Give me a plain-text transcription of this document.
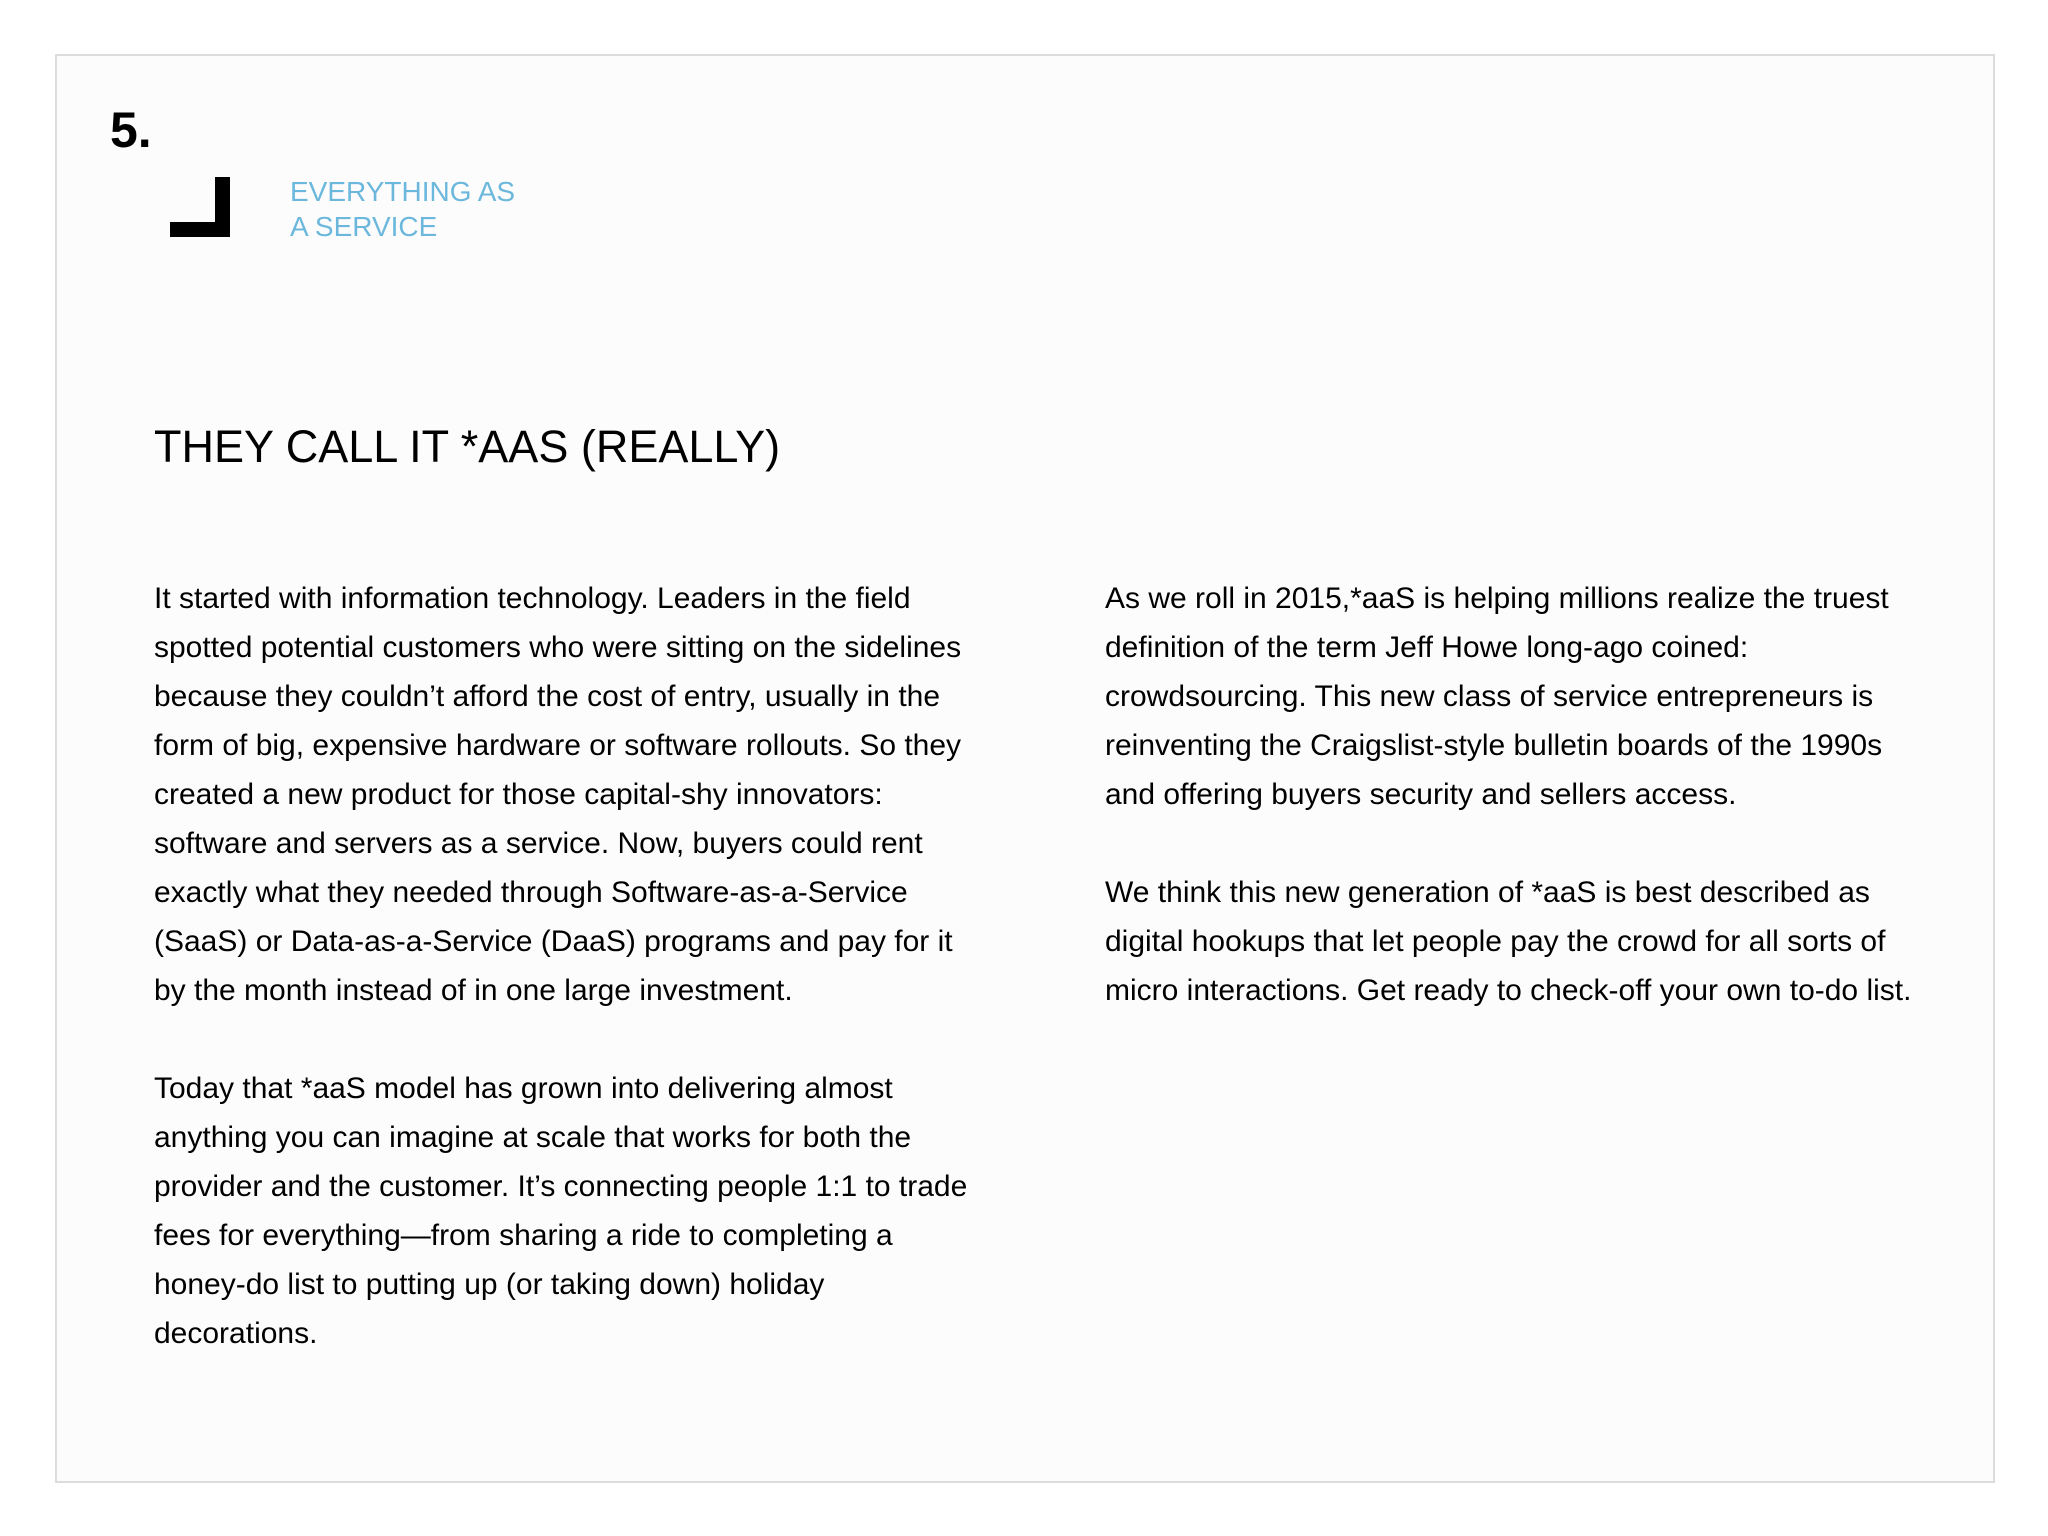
5.
EVERYTHING AS
A SERVICE
THEY CALL IT *AAS (REALLY)

It started with information technology. Leaders in the field
spotted potential customers who were sitting on the sidelines
because they couldn’t afford the cost of entry, usually in the
form of big, expensive hardware or software rollouts. So they
created a new product for those capital-shy innovators:
software and servers as a service. Now, buyers could rent
exactly what they needed through Software-as-a-Service
(SaaS) or Data-as-a-Service (DaaS) programs and pay for it
by the month instead of in one large investment.

Today that *aaS model has grown into delivering almost
anything you can imagine at scale that works for both the
provider and the customer. It’s connecting people 1:1 to trade
fees for everything—from sharing a ride to completing a
honey-do list to putting up (or taking down) holiday
decorations.

As we roll in 2015,*aaS is helping millions realize the truest
definition of the term Jeff Howe long-ago coined:
crowdsourcing. This new class of service entrepreneurs is
reinventing the Craigslist-style bulletin boards of the 1990s
and offering buyers security and sellers access.

We think this new generation of *aaS is best described as
digital hookups that let people pay the crowd for all sorts of
micro interactions. Get ready to check-off your own to-do list.
